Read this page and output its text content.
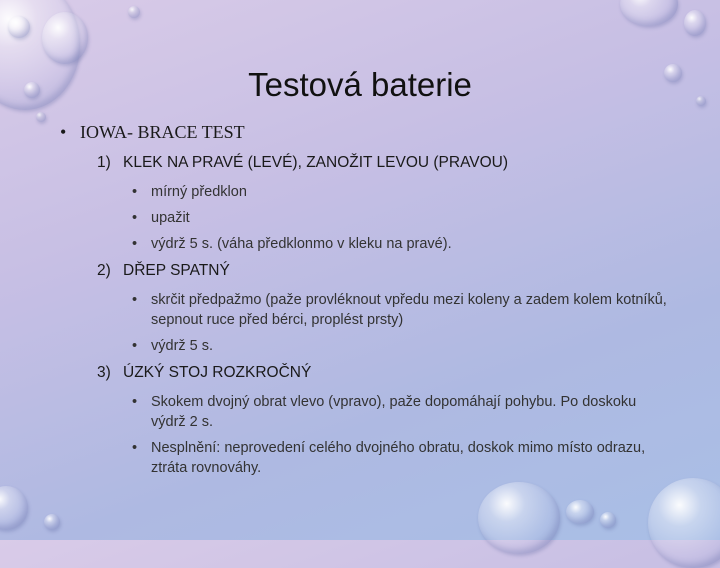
Testová baterie
• IOWA- BRACE TEST
1) KLEK NA PRAVÉ (LEVÉ), ZANOŽIT LEVOU (PRAVOU)
• mírný předklon
• upažit
• výdrž 5 s. (váha předklonmo v kleku na pravé).
2) DŘEP SPATNÝ
• skrčit předpažmo (paže provléknout vpředu mezi koleny a zadem kolem kotníků, sepnout ruce před bérci, proplést prsty)
• výdrž 5 s.
3) ÚZKÝ STOJ ROZKROČNÝ
• Skokem dvojný obrat vlevo (vpravo), paže dopomáhají pohybu. Po doskoku výdrž 2 s.
• Nesplnění: neprovedení celého dvojného obratu, doskok mimo místo odrazu, ztráta rovnováhy.
